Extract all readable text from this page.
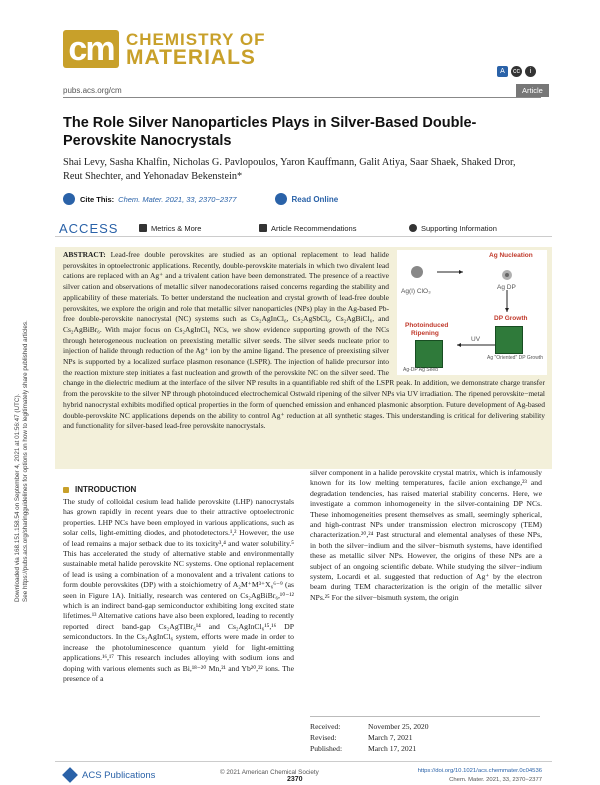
cm CHEMISTRY OF
MATERIALS
A	cc	i
pubs.acs.org/cm	Article
The Role Silver Nanoparticles Plays in Silver-Based Double-Perovskite Nanocrystals
Shai Levy, Sasha Khalfin, Nicholas G. Pavlopoulos, Yaron Kauffmann, Galit Atiya, Saar Shaek, Shaked Dror, Reut Shechter, and Yehonadav Bekenstein*
Cite This: Chem. Mater. 2021, 33, 2370−2377	Read Online
ACCESS	Metrics & More	Article Recommendations	Supporting Information
ABSTRACT: Lead-free double perovskites are studied as an optional replacement to lead halide perovskites in optoelectronic applications. Recently, double-perovskite materials in which two divalent lead cations are replaced with an Ag⁺ and a trivalent cation have been demonstrated. The presence of a reactive silver cation and observations of metallic silver nanodecorations raised concerns regarding the stability and applicability of these materials. To better understand the nucleation and crystal growth of lead-free double perovskites, we explore the origin and role that metallic silver nanoparticles (NPs) play in the Ag-based Pb-free double-perovskite nanocrystal (NC) systems such as Cs₂AgInCl₆, Cs₂AgSbCl₆, Cs₂AgBiCl₆, and Cs₂AgBiBr₆. With major focus on Cs₂AgInCl₆ NCs, we show evidence supporting growth of the NCs through heterogeneous nucleation on preexisting metallic silver seeds. The silver seeds nucleate prior to injection of halide through reduction of the Ag⁺ ion by the amine ligand. The presence of preexisting silver NPs is supported by a localized surface plasmon resonance (LSPR). The injection of halide precursor into the reaction mixture step initiates a fast nucleation and growth of the perovskite NC on the silver seed. The change in the dielectric medium at the interface of the silver NP results in a quantifiable red shift of the LSPR peak. In addition, we demonstrate charge transfer from the perovskite to the silver NP through photoinduced electrochemical Ostwald ripening of the silver NPs via UV irradiation. The ripened perovskite−metal hybrid nanocrystal exhibits modified optical properties in the form of quenched emission and enhanced plasmonic absorption. Future development of Ag-based double-perovskite NC applications depends on the ability to control Ag⁺ reduction at all synthetic stages. This understanding is critical for delivering stability and functionality for silver-based lead-free perovskite nanocrystals.
Ag Nucleation
Ag(I) ClO₃
Ag DP
DP Growth
Photoinduced
Ripening
UV
Ag-DP Ag Seed
Ag "Oriented" DP Growth
Downloaded via 168.151.158.54 on September 4, 2021 at 01:56:47 (UTC). See https://pubs.acs.org/sharingguidelines for options on how to legitimately share published articles.	INTRODUCTION
The study of colloidal cesium lead halide perovskite (LHP) nanocrystals has grown rapidly in recent years due to their attractive optoelectronic properties. LHP NCs have been employed in various applications, such as solar cells, light-emitting diodes, and photodetectors.¹,² However, the use of lead remains a major setback due to its toxicity³,⁴ and water solubility.⁵ This has accelerated the study of alternative stable and environmentally sustainable metal halide perovskite NC systems. One optional replacement of lead is using a combination of a monovalent and a trivalent cations to form double perovskites (DP) with a stoichiometry of A₂M⁺M³⁺X₆⁶⁻⁹ (as seen in Figure 1A). Initially, research was centered on Cs₂AgBiBr₆,¹⁰⁻¹² which is an indirect band-gap semiconductor exhibiting long excited state lifetimes.¹³ Alternative cations have also been explored, leading to recently reported direct band-gap Cs₂AgTlBr₆¹⁴ and Cs₂AgInCl₆¹⁵,¹⁶ DP semiconductors. In the Cs₂AgInCl₆ system, efforts were made in order to increase the photoluminescence quantum yield for light-emitting applications.¹⁶,¹⁷ This research includes alloying with sodium ions and doping with various elements such as Bi,¹⁸⁻²⁰ Mn,²¹ and Yb²⁰,²² ions. The presence of a
silver component in a halide perovskite crystal matrix, which is infamously known for its low melting temperatures, facile anion exchange,²³ and degradation tendencies, has raised material stability concerns. Here, we investigate a common inhomogeneity in the silver-containing DP NCs. These inhomogeneities present themselves as small, seemingly spherical, and high-contrast NPs under transmission electron microscopy (TEM) characterization.²⁰,²⁴ Past structural and elemental analyses of these NPs, in both the silver−indium and the silver−bismuth systems, have identified these as metallic silver NPs. However, the origins of these NPs are a subject of an ongoing scientific debate. While studying the silver−indium system, Locardi et al. suggested that reduction of Ag⁺ by the electron beam during TEM characterization is the origin of the metallic silver NPs.²⁵ For the silver−bismuth system, the origin
Received:	November 25, 2020
Revised:	March 7, 2021
Published:	March 17, 2021
ACS Publications	© 2021 American Chemical Society
2370
https://doi.org/10.1021/acs.chemmater.0c04536
Chem. Mater. 2021, 33, 2370−2377
